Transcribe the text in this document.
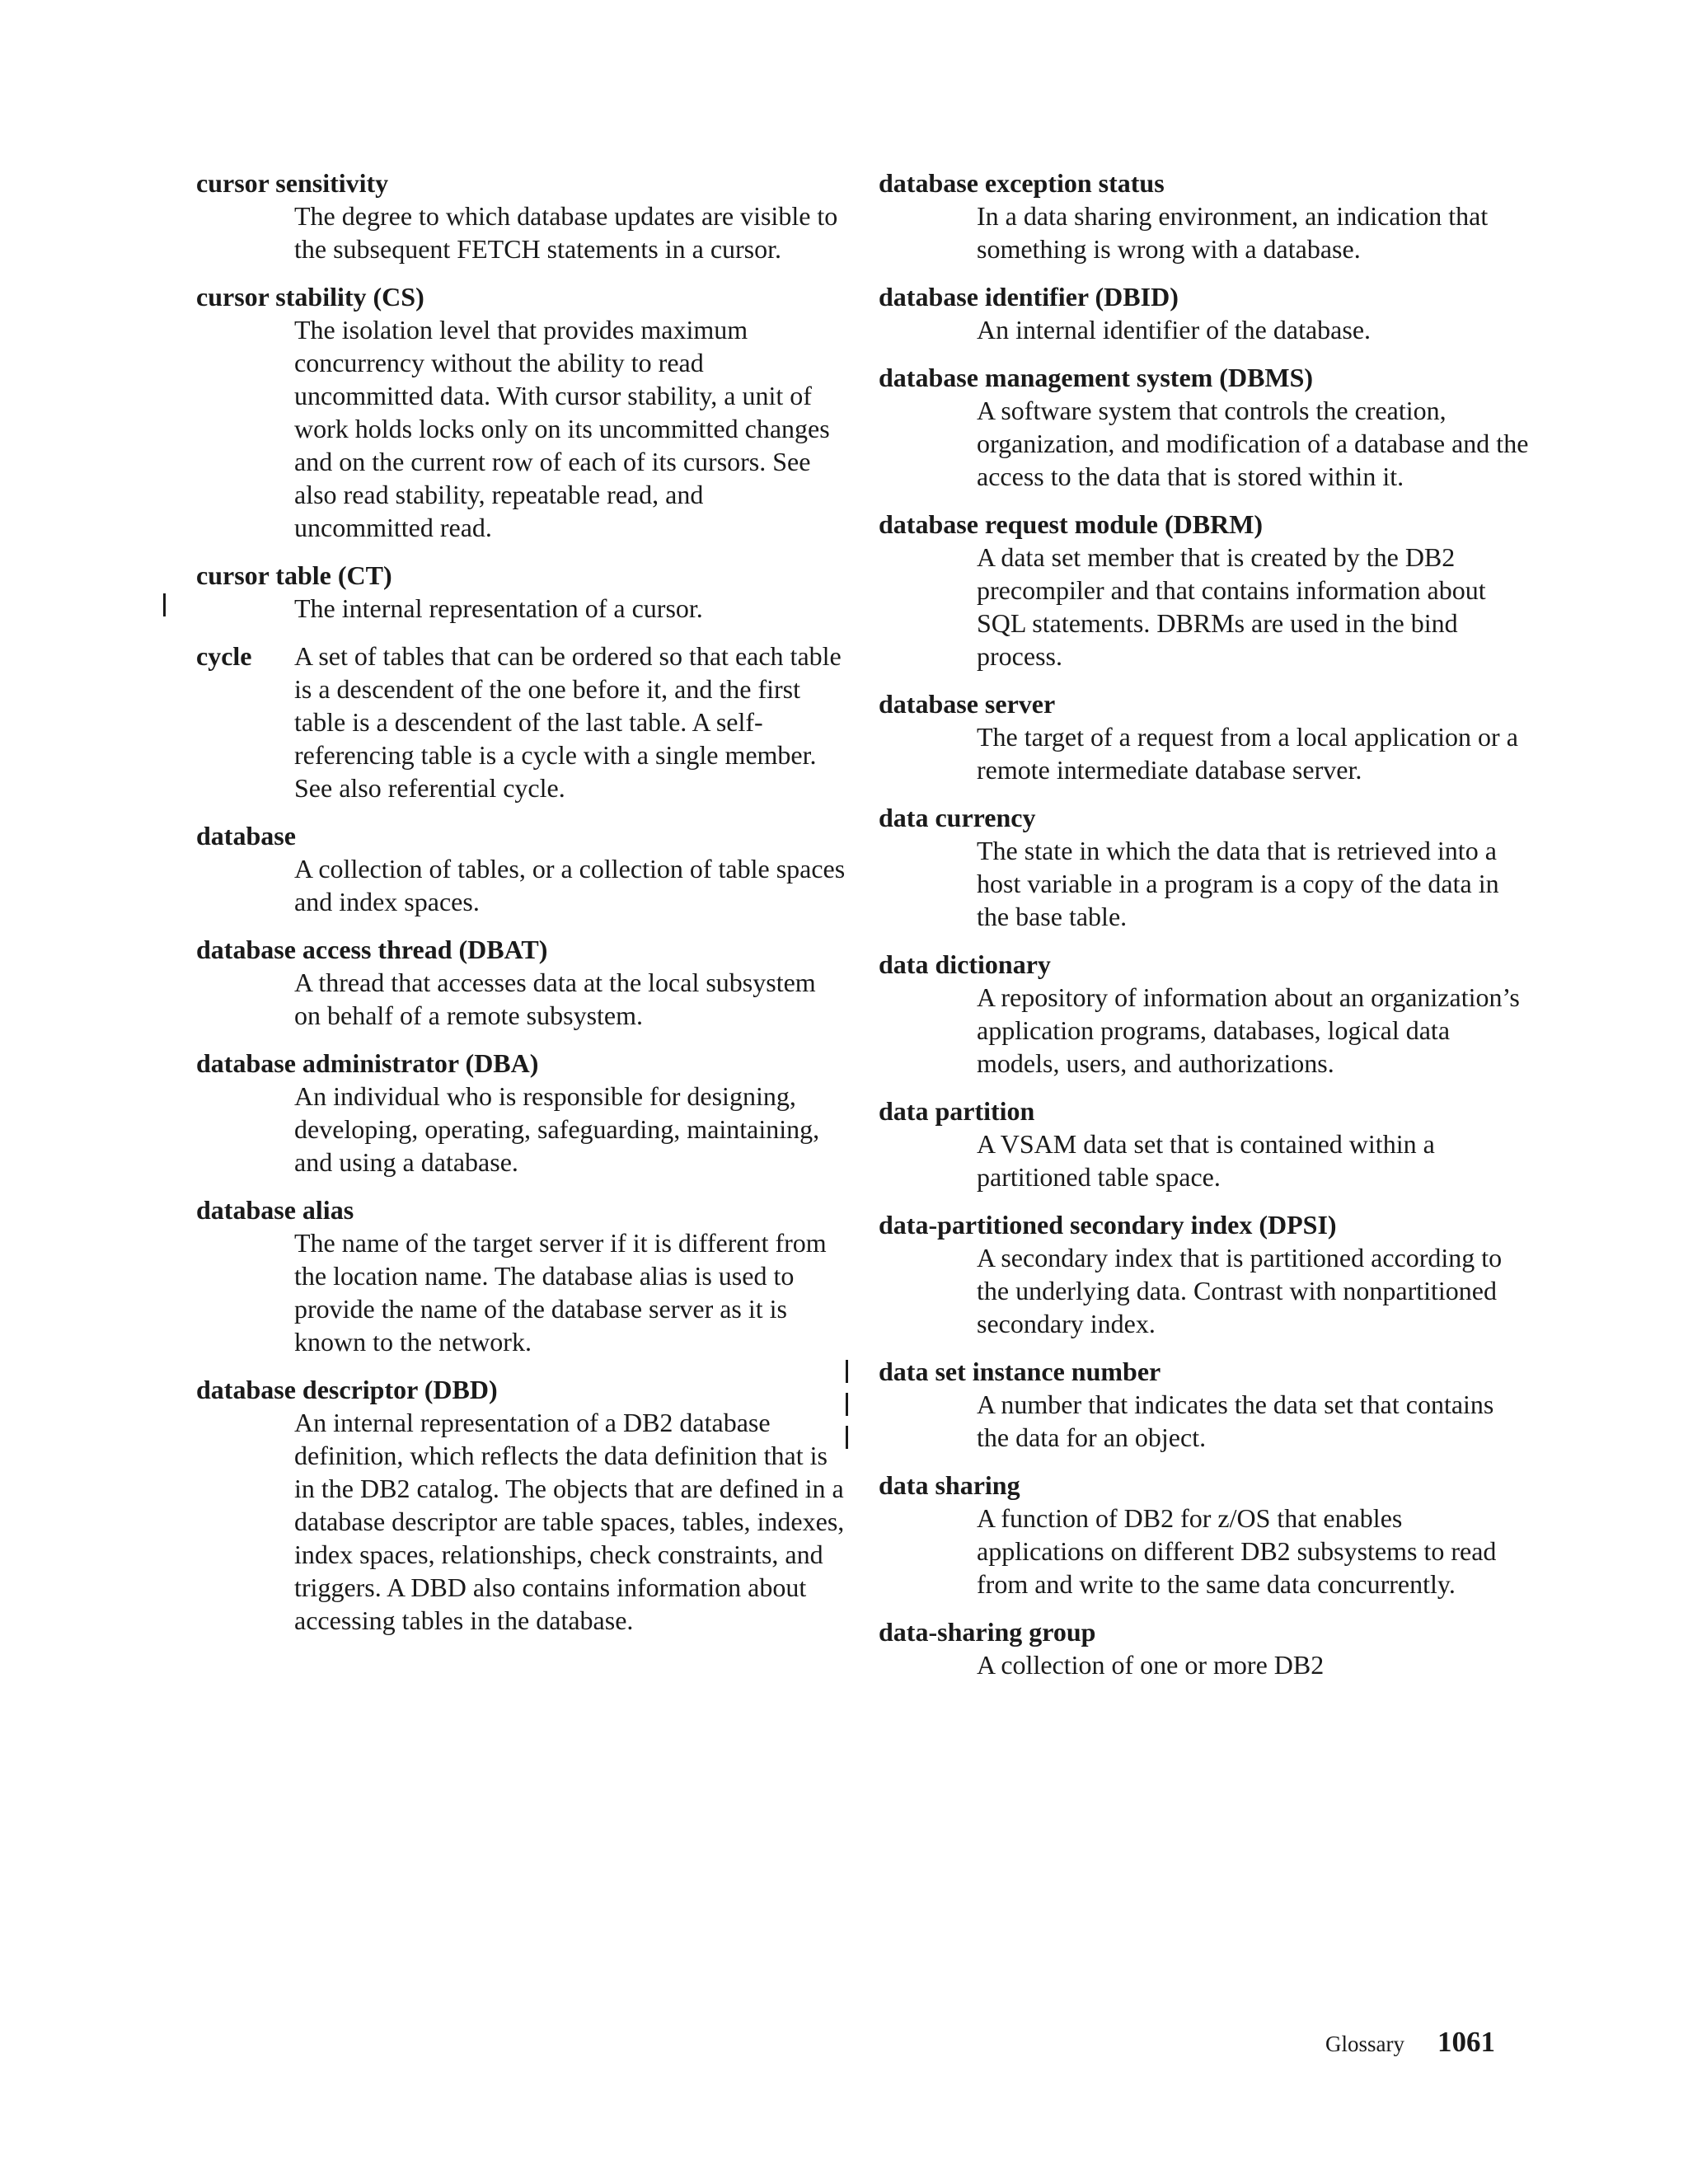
cursor sensitivity
The degree to which database updates are visible to the subsequent FETCH statements in a cursor.
cursor stability (CS)
The isolation level that provides maximum concurrency without the ability to read uncommitted data. With cursor stability, a unit of work holds locks only on its uncommitted changes and on the current row of each of its cursors. See also read stability, repeatable read, and uncommitted read.
cursor table (CT)
The internal representation of a cursor.
cycle	A set of tables that can be ordered so that each table is a descendent of the one before it, and the first table is a descendent of the last table. A self-referencing table is a cycle with a single member. See also referential cycle.
database
A collection of tables, or a collection of table spaces and index spaces.
database access thread (DBAT)
A thread that accesses data at the local subsystem on behalf of a remote subsystem.
database administrator (DBA)
An individual who is responsible for designing, developing, operating, safeguarding, maintaining, and using a database.
database alias
The name of the target server if it is different from the location name. The database alias is used to provide the name of the database server as it is known to the network.
database descriptor (DBD)
An internal representation of a DB2 database definition, which reflects the data definition that is in the DB2 catalog. The objects that are defined in a database descriptor are table spaces, tables, indexes, index spaces, relationships, check constraints, and triggers. A DBD also contains information about accessing tables in the database.
database exception status
In a data sharing environment, an indication that something is wrong with a database.
database identifier (DBID)
An internal identifier of the database.
database management system (DBMS)
A software system that controls the creation, organization, and modification of a database and the access to the data that is stored within it.
database request module (DBRM)
A data set member that is created by the DB2 precompiler and that contains information about SQL statements. DBRMs are used in the bind process.
database server
The target of a request from a local application or a remote intermediate database server.
data currency
The state in which the data that is retrieved into a host variable in a program is a copy of the data in the base table.
data dictionary
A repository of information about an organization’s application programs, databases, logical data models, users, and authorizations.
data partition
A VSAM data set that is contained within a partitioned table space.
data-partitioned secondary index (DPSI)
A secondary index that is partitioned according to the underlying data. Contrast with nonpartitioned secondary index.
data set instance number
A number that indicates the data set that contains the data for an object.
data sharing
A function of DB2 for z/OS that enables applications on different DB2 subsystems to read from and write to the same data concurrently.
data-sharing group
A collection of one or more DB2
Glossary 1061
